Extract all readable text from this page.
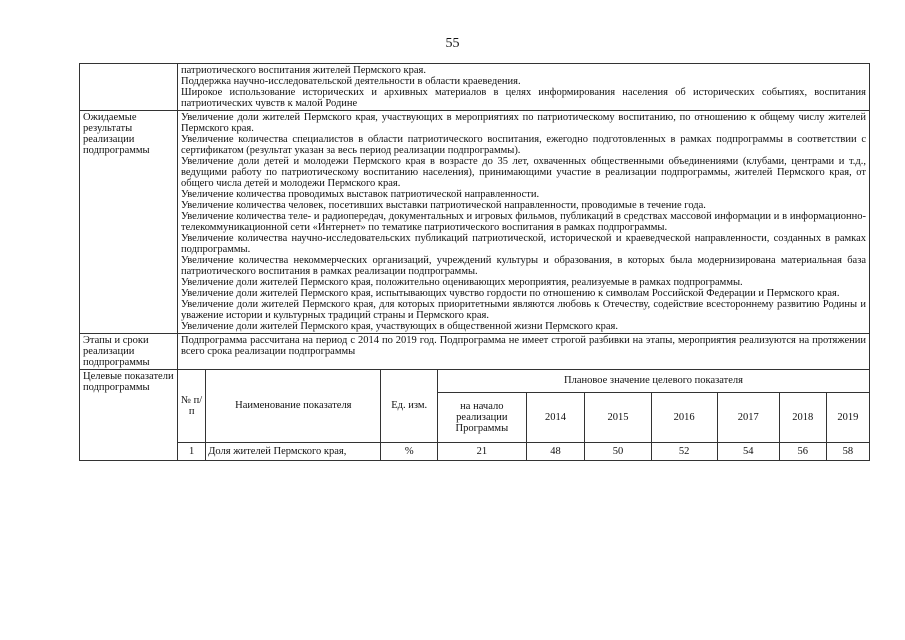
55

патриотического воспитания жителей Пермского края.
Поддержка научно-исследовательской деятельности в области краеведения.
Широкое использование исторических и архивных материалов в целях информирования населения об исторических событиях, воспитания патриотических чувств к малой Родине

Ожидаемые результаты реализации подпрограммы	
Увеличение доли жителей Пермского края, участвующих в мероприятиях по патриотическому воспитанию, по отношению к общему числу жителей Пермского края.
Увеличение количества специалистов в области патриотического воспитания, ежегодно подготовленных в рамках подпрограммы в соответствии с сертификатом (результат указан за весь период реализации подпрограммы).
Увеличение доли детей и молодежи Пермского края в возрасте до 35 лет, охваченных общественными объединениями (клубами, центрами и т.д., ведущими работу по патриотическому воспитанию населения), принимающими участие в реализации подпрограммы, жителей Пермского края, от общего числа детей и молодежи Пермского края.
Увеличение количества проводимых выставок патриотической направленности.
Увеличение количества человек, посетивших выставки патриотической направленности, проводимые в течение года.
Увеличение количества теле- и радиопередач, документальных и игровых фильмов, публикаций в средствах массовой информации и в информационно-телекоммуникационной сети «Интернет» по тематике патриотического воспитания в рамках подпрограммы.
Увеличение количества научно-исследовательских публикаций патриотической, исторической и краеведческой направленности, созданных в рамках подпрограммы.
Увеличение количества некоммерческих организаций, учреждений культуры и образования, в которых была модернизирована материальная база патриотического воспитания в рамках реализации подпрограммы.
Увеличение доли жителей Пермского края, положительно оценивающих мероприятия, реализуемые в рамках подпрограммы.
Увеличение доли жителей Пермского края, испытывающих чувство гордости по отношению к символам Российской Федерации и Пермского края.
Увеличение доли жителей Пермского края, для которых приоритетными являются любовь к Отечеству, содействие всестороннему развитию Родины и уважение истории и культурных традиций страны и Пермского края.
Увеличение доли жителей Пермского края, участвующих в общественной жизни Пермского края.

Этапы и сроки реализации подпрограммы	
Подпрограмма рассчитана на период с 2014 по 2019 год. Подпрограмма не имеет строгой разбивки на этапы, мероприятия реализуются на протяжении всего срока реализации подпрограммы

Целевые показатели подпрограммы	
№ п/п	Наименование показателя	Ед. изм.	Плановое значение целевого показателя
на начало реализации Программы	2014	2015	2016	2017	2018	2019
1	Доля жителей Пермского края,	%	21	48	50	52	54	56	58
